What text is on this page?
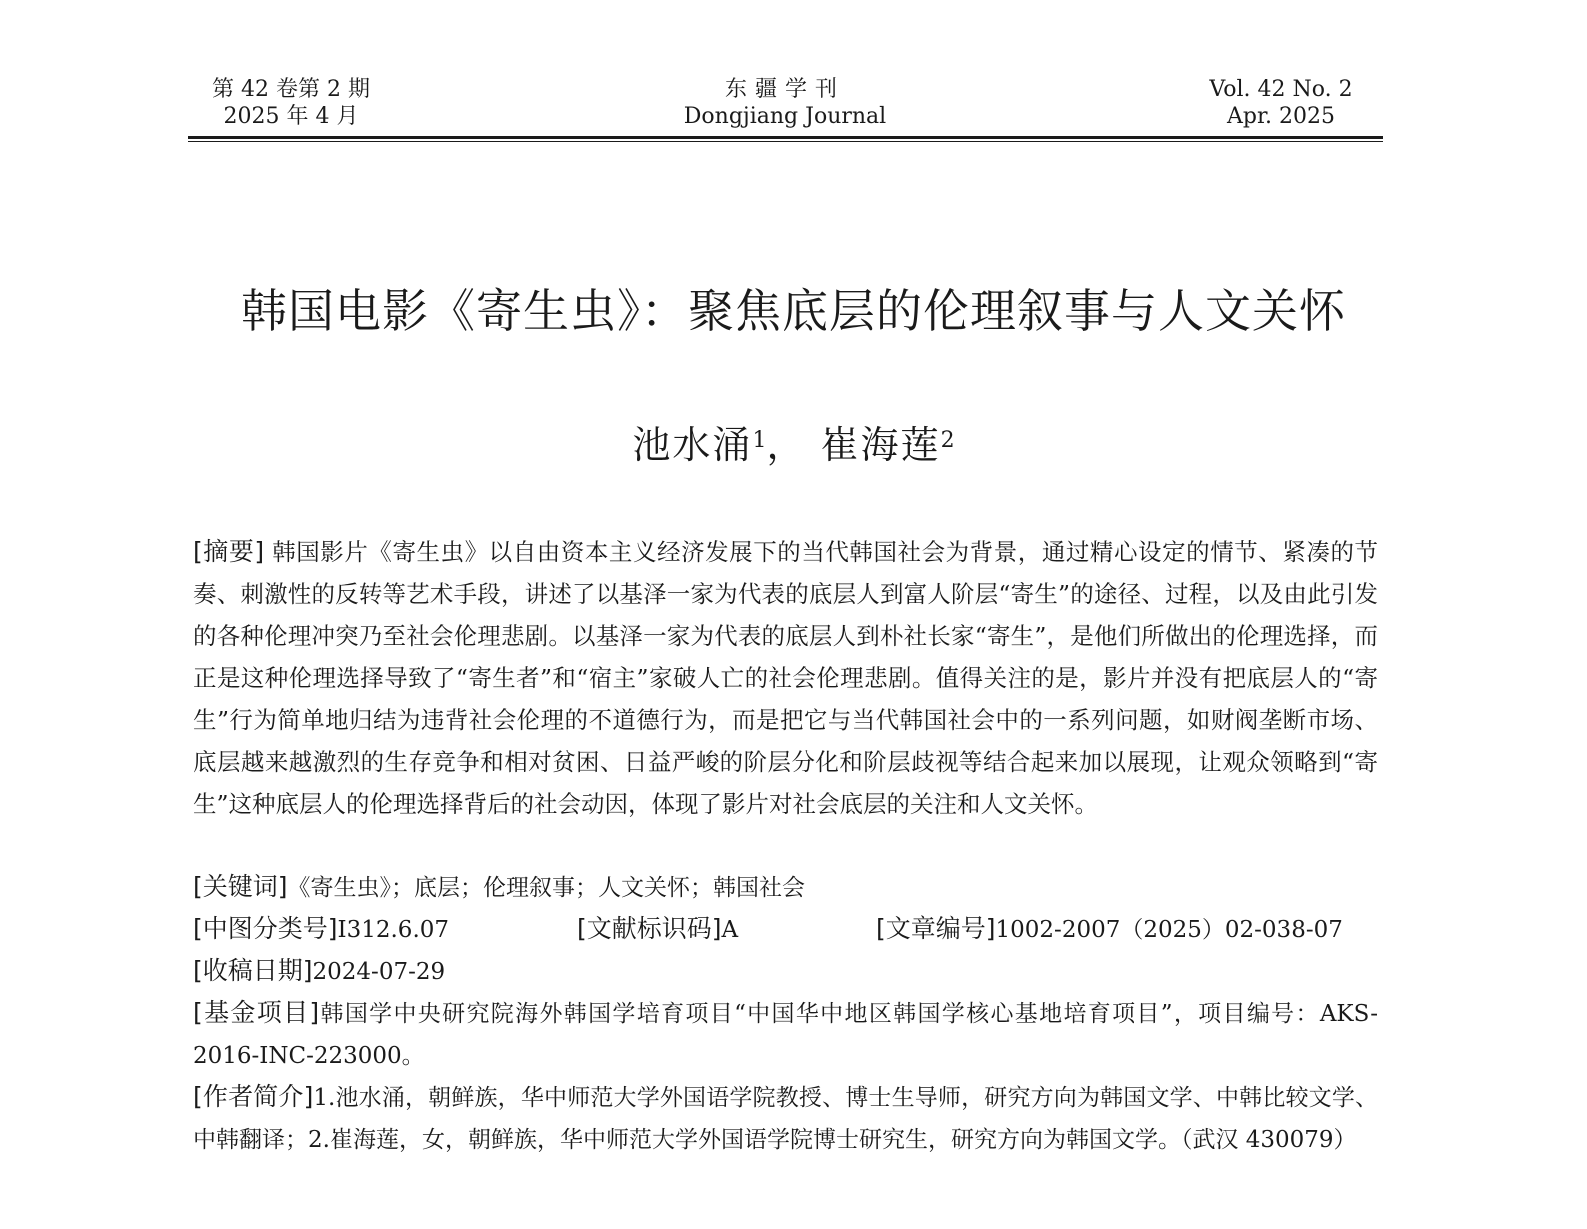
第 42 卷第 2 期
2025 年 4 月
东疆学刊
Dongjiang Journal
Vol. 42 No. 2
Apr. 2025
韩国电影《寄生虫》：聚焦底层的伦理叙事与人文关怀
池水涌$^1$， 崔海莲$^2$
[摘要] 韩国影片《寄生虫》以自由资本主义经济发展下的当代韩国社会为背景，通过精心设定的情节、紧凑的节奏、刺激性的反转等艺术手段，讲述了以基泽一家为代表的底层人到富人阶层“寄生”的途径、过程，以及由此引发的各种伦理冲突乃至社会伦理悲剧。以基泽一家为代表的底层人到朴社长家“寄生”，是他们所做出的伦理选择，而正是这种伦理选择导致了“寄生者”和“宿主”家破人亡的社会伦理悲剧。值得关注的是，影片并没有把底层人的“寄生”行为简单地归结为违背社会伦理的不道德行为，而是把它与当代韩国社会中的一系列问题，如财阀垄断市场、底层越来越激烈的生存竞争和相对贫困、日益严峻的阶层分化和阶层歧视等结合起来加以展现，让观众领略到“寄生”这种底层人的伦理选择背后的社会动因，体现了影片对社会底层的关注和人文关怀。
[关键词]《寄生虫》；底层；伦理叙事；人文关怀；韩国社会
[中图分类号]I312.6.07	[文献标识码]A	[文章编号]1002-2007（2025）02-038-07
[收稿日期]2024-07-29
[基金项目]韩国学中央研究院海外韩国学培育项目“中国华中地区韩国学核心基地培育项目”，项目编号：AKS-2016-INC-223000。
[作者简介]1.池水涌，朝鲜族，华中师范大学外国语学院教授、博士生导师，研究方向为韩国文学、中韩比较文学、中韩翻译；2.崔海莲，女，朝鲜族，华中师范大学外国语学院博士研究生，研究方向为韩国文学。（武汉 430079）
